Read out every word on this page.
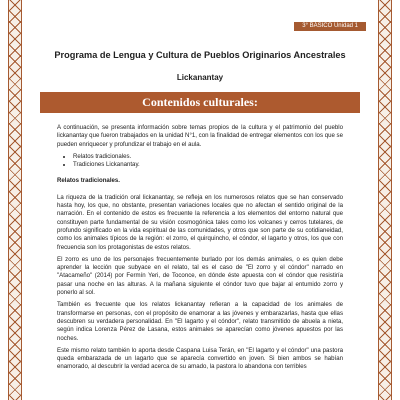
3° BÁSICO Unidad 1
Programa de Lengua y Cultura de Pueblos Originarios Ancestrales
Lickanantay
Contenidos culturales:

A continuación, se presenta información sobre temas propios de la cultura y el patrimonio del pueblo lickanantay que fueron trabajados en la unidad N°1, con la finalidad de entregar elementos con los que se pueden enriquecer y profundizar el trabajo en el aula.

• Relatos tradicionales.
• Tradiciones Lickanantay.
Relatos tradicionales.

La riqueza de la tradición oral lickanantay, se refleja en los numerosos relatos que se han conservado hasta hoy, los que, no obstante, presentan variaciones locales que no afectan el sentido original de la narración. En el contenido de estos es frecuente la referencia a los elementos del entorno natural que constituyen parte fundamental de su visión cosmogónica tales como los volcanes y cerros tutelares, de profundo significado en la vida espiritual de las comunidades, y otros que son parte de su cotidianeidad, como los animales típicos de la región: el zorro, el quirquincho, el cóndor, el lagarto y otros, los que con frecuencia son los protagonistas de estos relatos.

El zorro es uno de los personajes frecuentemente burlado por los demás animales, o es quien debe aprender la lección que subyace en el relato, tal es el caso de "El zorro y el cóndor" narrado en "Atacameño" (2014) por Fermín Yeri, de Toconce, en dónde éste apuesta con el cóndor que resistiría pasar una noche en las alturas. A la mañana siguiente el cóndor tuvo que bajar al entumido zorro y ponerlo al sol.

También es frecuente que los relatos lickanantay refieran a la capacidad de los animales de transformarse en personas, con el propósito de enamorar a las jóvenes y embarazarlas, hasta que ellas descubren su verdadera personalidad. En "El lagarto y el cóndor", relato transmitido de abuela a nieta, según indica Lorenza Pérez de Lasana, estos animales se aparecían como jóvenes apuestos por las noches.

Este mismo relato también lo aporta desde Caspana Luisa Terán, en "El lagarto y el cóndor" una pastora queda embarazada de un lagarto que se aparecía convertido en joven. Si bien ambos se habían enamorado, al descubrir la verdad acerca de su amado, la pastora lo abandona con terribles
